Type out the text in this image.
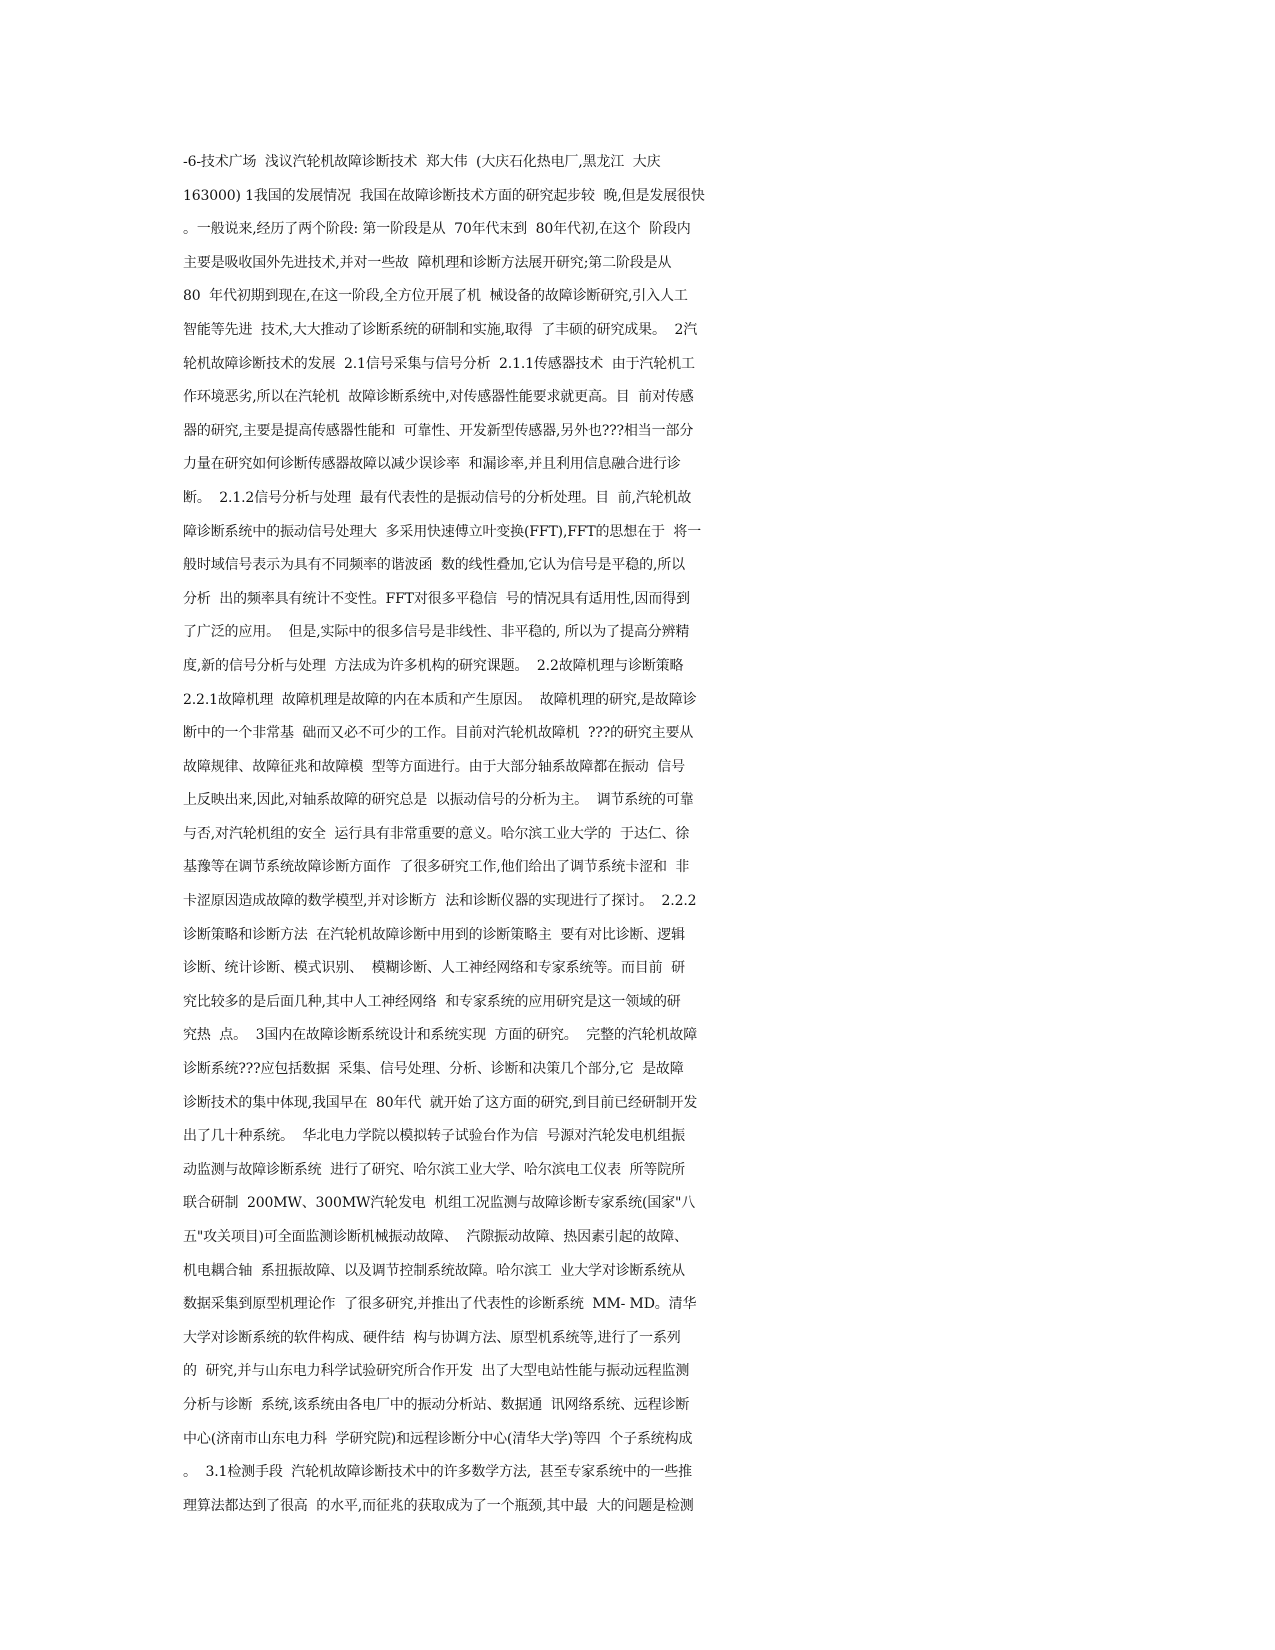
-6-技术广场  浅议汽轮机故障诊断技术  郑大伟  (大庆石化热电厂,黑龙江  大庆
163000) 1我国的发展情况  我国在故障诊断技术方面的研究起步较  晚,但是发展很快
。一般说来,经历了两个阶段: 第一阶段是从  70年代末到  80年代初,在这个  阶段内
主要是吸收国外先进技术,并对一些故  障机理和诊断方法展开研究;第二阶段是从
80  年代初期到现在,在这一阶段,全方位开展了机  械设备的故障诊断研究,引入人工
智能等先进  技术,大大推动了诊断系统的研制和实施,取得  了丰硕的研究成果。  2汽
轮机故障诊断技术的发展  2.1信号采集与信号分析  2.1.1传感器技术  由于汽轮机工
作环境恶劣,所以在汽轮机  故障诊断系统中,对传感器性能要求就更高。目  前对传感
器的研究,主要是提高传感器性能和  可靠性、开发新型传感器,另外也???相当一部分
力量在研究如何诊断传感器故障以减少误诊率  和漏诊率,并且利用信息融合进行诊
断。  2.1.2信号分析与处理  最有代表性的是振动信号的分析处理。目  前,汽轮机故
障诊断系统中的振动信号处理大  多采用快速傅立叶变换(FFT),FFT的思想在于  将一
般时域信号表示为具有不同频率的谐波函  数的线性叠加,它认为信号是平稳的,所以
分析  出的频率具有统计不变性。FFT对很多平稳信  号的情况具有适用性,因而得到
了广泛的应用。  但是,实际中的很多信号是非线性、非平稳的, 所以为了提高分辨精
度,新的信号分析与处理  方法成为许多机构的研究课题。  2.2故障机理与诊断策略
2.2.1故障机理  故障机理是故障的内在本质和产生原因。  故障机理的研究,是故障诊
断中的一个非常基  础而又必不可少的工作。目前对汽轮机故障机  ???的研究主要从
故障规律、故障征兆和故障模  型等方面进行。由于大部分轴系故障都在振动  信号
上反映出来,因此,对轴系故障的研究总是  以振动信号的分析为主。  调节系统的可靠
与否,对汽轮机组的安全  运行具有非常重要的意义。哈尔滨工业大学的  于达仁、徐
基豫等在调节系统故障诊断方面作  了很多研究工作,他们给出了调节系统卡涩和  非
卡涩原因造成故障的数学模型,并对诊断方  法和诊断仪器的实现进行了探讨。  2.2.2
诊断策略和诊断方法  在汽轮机故障诊断中用到的诊断策略主  要有对比诊断、逻辑
诊断、统计诊断、模式识别、  模糊诊断、人工神经网络和专家系统等。而目前  研
究比较多的是后面几种,其中人工神经网络  和专家系统的应用研究是这一领域的研
究热  点。  3国内在故障诊断系统设计和系统实现  方面的研究。  完整的汽轮机故障
诊断系统???应包括数据  采集、信号处理、分析、诊断和决策几个部分,它  是故障
诊断技术的集中体现,我国早在  80年代  就开始了这方面的研究,到目前已经研制开发
出了几十种系统。  华北电力学院以模拟转子试验台作为信  号源对汽轮发电机组振
动监测与故障诊断系统  进行了研究、哈尔滨工业大学、哈尔滨电工仪表  所等院所
联合研制  200MW、300MW汽轮发电  机组工况监测与故障诊断专家系统(国家"八
五"攻关项目)可全面监测诊断机械振动故障、  汽隙振动故障、热因素引起的故障、
机电耦合轴  系扭振故障、以及调节控制系统故障。哈尔滨工  业大学对诊断系统从
数据采集到原型机理论作  了很多研究,并推出了代表性的诊断系统  MM- MD。清华
大学对诊断系统的软件构成、硬件结  构与协调方法、原型机系统等,进行了一系列
的  研究,并与山东电力科学试验研究所合作开发  出了大型电站性能与振动远程监测
分析与诊断  系统,该系统由各电厂中的振动分析站、数据通  讯网络系统、远程诊断
中心(济南市山东电力科  学研究院)和远程诊断分中心(清华大学)等四  个子系统构成
。  3.1检测手段  汽轮机故障诊断技术中的许多数学方法,  甚至专家系统中的一些推
理算法都达到了很高  的水平,而征兆的获取成为了一个瓶颈,其中最  大的问题是检测
